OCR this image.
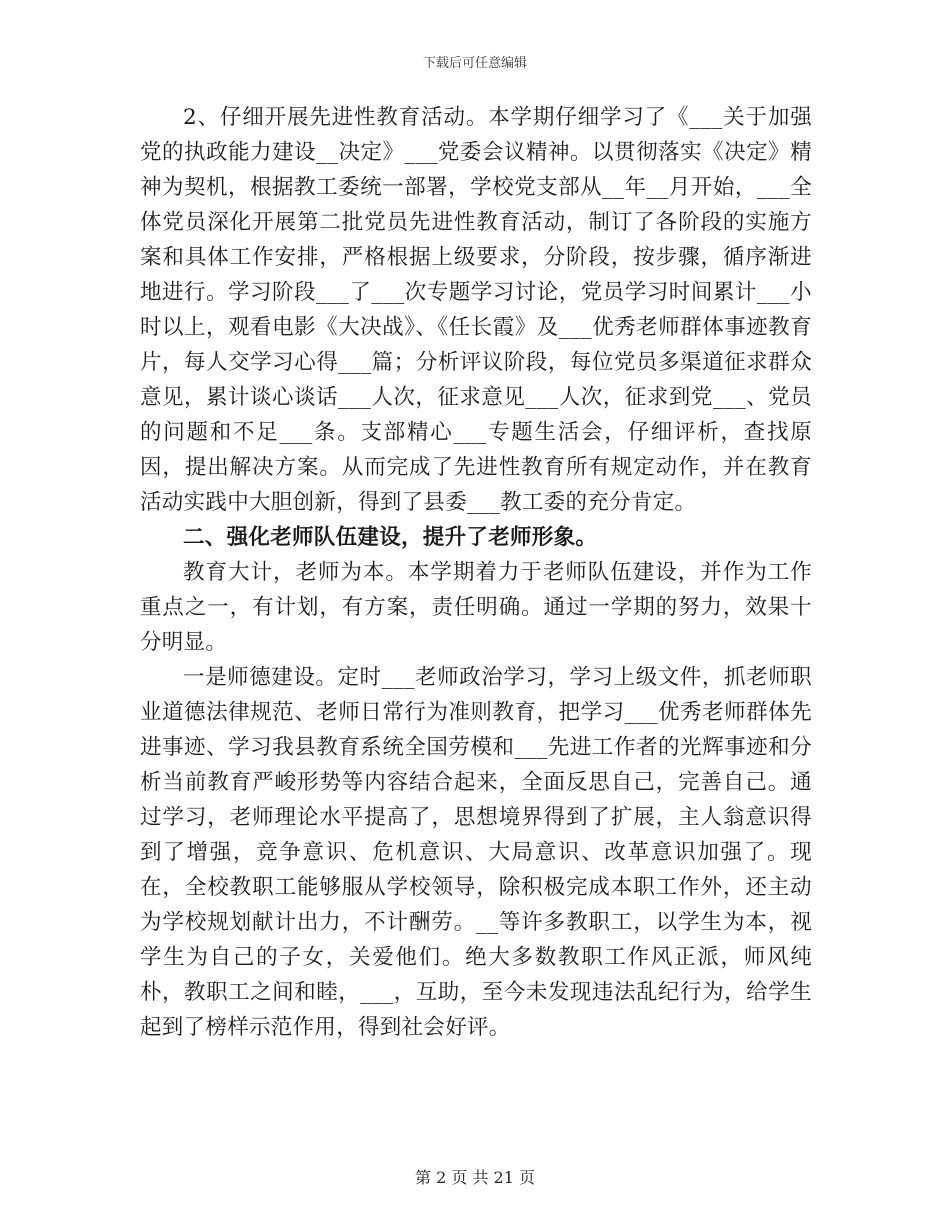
下载后可任意编辑

2、仔细开展先进性教育活动。本学期仔细学习了《___关于加强党的执政能力建设__决定》___党委会议精神。以贯彻落实《决定》精神为契机，根据教工委统一部署，学校党支部从__年__月开始，___全体党员深化开展第二批党员先进性教育活动，制订了各阶段的实施方案和具体工作安排，严格根据上级要求，分阶段，按步骤，循序渐进地进行。学习阶段___了___次专题学习讨论，党员学习时间累计___小时以上，观看电影《大决战》、《任长霞》及___优秀老师群体事迹教育片，每人交学习心得___篇；分析评议阶段，每位党员多渠道征求群众意见，累计谈心谈话___人次，征求意见___人次，征求到党___、党员的问题和不足___条。支部精心___专题生活会，仔细评析，查找原因，提出解决方案。从而完成了先进性教育所有规定动作，并在教育活动实践中大胆创新，得到了县委___教工委的充分肯定。

二、强化老师队伍建设，提升了老师形象。

教育大计，老师为本。本学期着力于老师队伍建设，并作为工作重点之一，有计划，有方案，责任明确。通过一学期的努力，效果十分明显。

一是师德建设。定时___老师政治学习，学习上级文件，抓老师职业道德法律规范、老师日常行为准则教育，把学习___优秀老师群体先进事迹、学习我县教育系统全国劳模和___先进工作者的光辉事迹和分析当前教育严峻形势等内容结合起来，全面反思自己，完善自己。通过学习，老师理论水平提高了，思想境界得到了扩展，主人翁意识得到了增强，竞争意识、危机意识、大局意识、改革意识加强了。现在，全校教职工能够服从学校领导，除积极完成本职工作外，还主动为学校规划献计出力，不计酬劳。__等许多教职工，以学生为本，视学生为自己的子女，关爱他们。绝大多数教职工作风正派，师风纯朴，教职工之间和睦，___，互助，至今未发现违法乱纪行为，给学生起到了榜样示范作用，得到社会好评。

第 2 页 共 21 页
